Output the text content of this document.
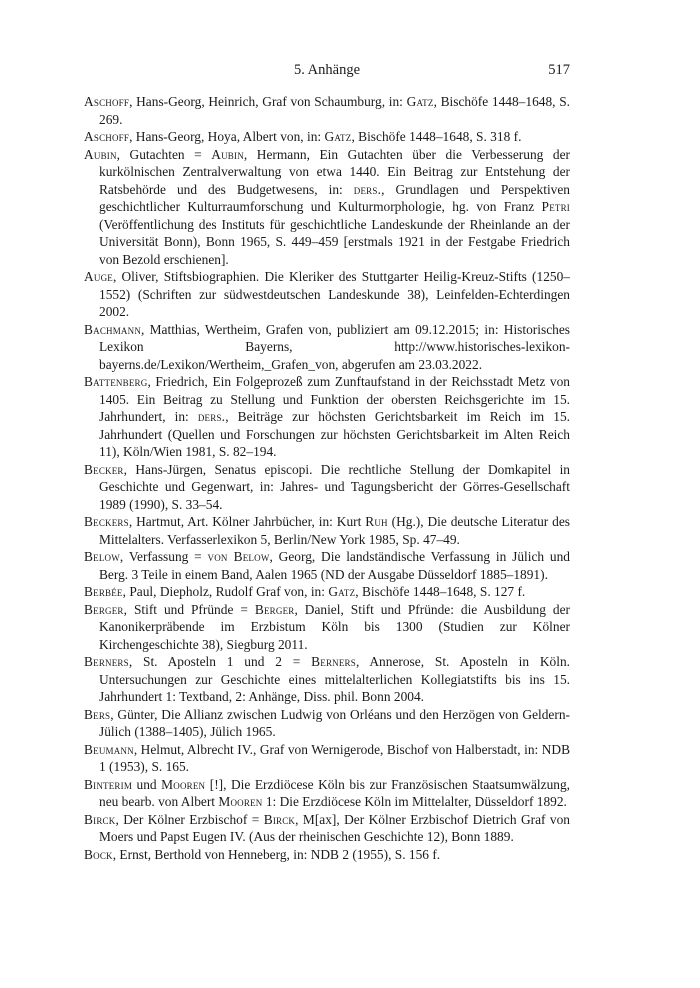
5. Anhänge	517

Aschoff, Hans-Georg, Heinrich, Graf von Schaumburg, in: Gatz, Bischöfe 1448–1648, S. 269.

Aschoff, Hans-Georg, Hoya, Albert von, in: Gatz, Bischöfe 1448–1648, S. 318 f.

Aubin, Gutachten = Aubin, Hermann, Ein Gutachten über die Verbesserung der kurkölnischen Zentralverwaltung von etwa 1440. Ein Beitrag zur Entstehung der Ratsbehörde und des Budgetwesens, in: ders., Grundlagen und Perspektiven geschichtlicher Kulturraumforschung und Kulturmorphologie, hg. von Franz Petri (Veröffentlichung des Instituts für geschichtliche Landeskunde der Rheinlande an der Universität Bonn), Bonn 1965, S. 449–459 [erstmals 1921 in der Festgabe Friedrich von Bezold erschienen].

Auge, Oliver, Stiftsbiographien. Die Kleriker des Stuttgarter Heilig-Kreuz-Stifts (1250–1552) (Schriften zur südwestdeutschen Landeskunde 38), Leinfelden-Echterdingen 2002.

Bachmann, Matthias, Wertheim, Grafen von, publiziert am 09.12.2015; in: Historisches Lexikon Bayerns, http://www.historisches-lexikon-bayerns.de/Lexikon/Wertheim,_Grafen_von, abgerufen am 23.03.2022.

Battenberg, Friedrich, Ein Folgeprozeß zum Zunftaufstand in der Reichsstadt Metz von 1405. Ein Beitrag zu Stellung und Funktion der obersten Reichsgerichte im 15. Jahrhundert, in: ders., Beiträge zur höchsten Gerichtsbarkeit im Reich im 15. Jahrhundert (Quellen und Forschungen zur höchsten Gerichtsbarkeit im Alten Reich 11), Köln/Wien 1981, S. 82–194.

Becker, Hans-Jürgen, Senatus episcopi. Die rechtliche Stellung der Domkapitel in Geschichte und Gegenwart, in: Jahres- und Tagungsbericht der Görres-Gesellschaft 1989 (1990), S. 33–54.

Beckers, Hartmut, Art. Kölner Jahrbücher, in: Kurt Ruh (Hg.), Die deutsche Literatur des Mittelalters. Verfasserlexikon 5, Berlin/New York 1985, Sp. 47–49.

Below, Verfassung = von Below, Georg, Die landständische Verfassung in Jülich und Berg. 3 Teile in einem Band, Aalen 1965 (ND der Ausgabe Düsseldorf 1885–1891).

Berbée, Paul, Diepholz, Rudolf Graf von, in: Gatz, Bischöfe 1448–1648, S. 127 f.

Berger, Stift und Pfründe = Berger, Daniel, Stift und Pfründe: die Ausbildung der Kanonikerpräbende im Erzbistum Köln bis 1300 (Studien zur Kölner Kirchengeschichte 38), Siegburg 2011.

Berners, St. Aposteln 1 und 2 = Berners, Annerose, St. Aposteln in Köln. Untersuchungen zur Geschichte eines mittelalterlichen Kollegiatstifts bis ins 15. Jahrhundert 1: Textband, 2: Anhänge, Diss. phil. Bonn 2004.

Bers, Günter, Die Allianz zwischen Ludwig von Orléans und den Herzögen von Geldern-Jülich (1388–1405), Jülich 1965.

Beumann, Helmut, Albrecht IV., Graf von Wernigerode, Bischof von Halberstadt, in: NDB 1 (1953), S. 165.

Binterim und Mooren [!], Die Erzdiöcese Köln bis zur Französischen Staatsumwälzung, neu bearb. von Albert Mooren 1: Die Erzdiöcese Köln im Mittelalter, Düsseldorf 1892.

Birck, Der Kölner Erzbischof = Birck, M[ax], Der Kölner Erzbischof Dietrich Graf von Moers und Papst Eugen IV. (Aus der rheinischen Geschichte 12), Bonn 1889.

Bock, Ernst, Berthold von Henneberg, in: NDB 2 (1955), S. 156 f.
